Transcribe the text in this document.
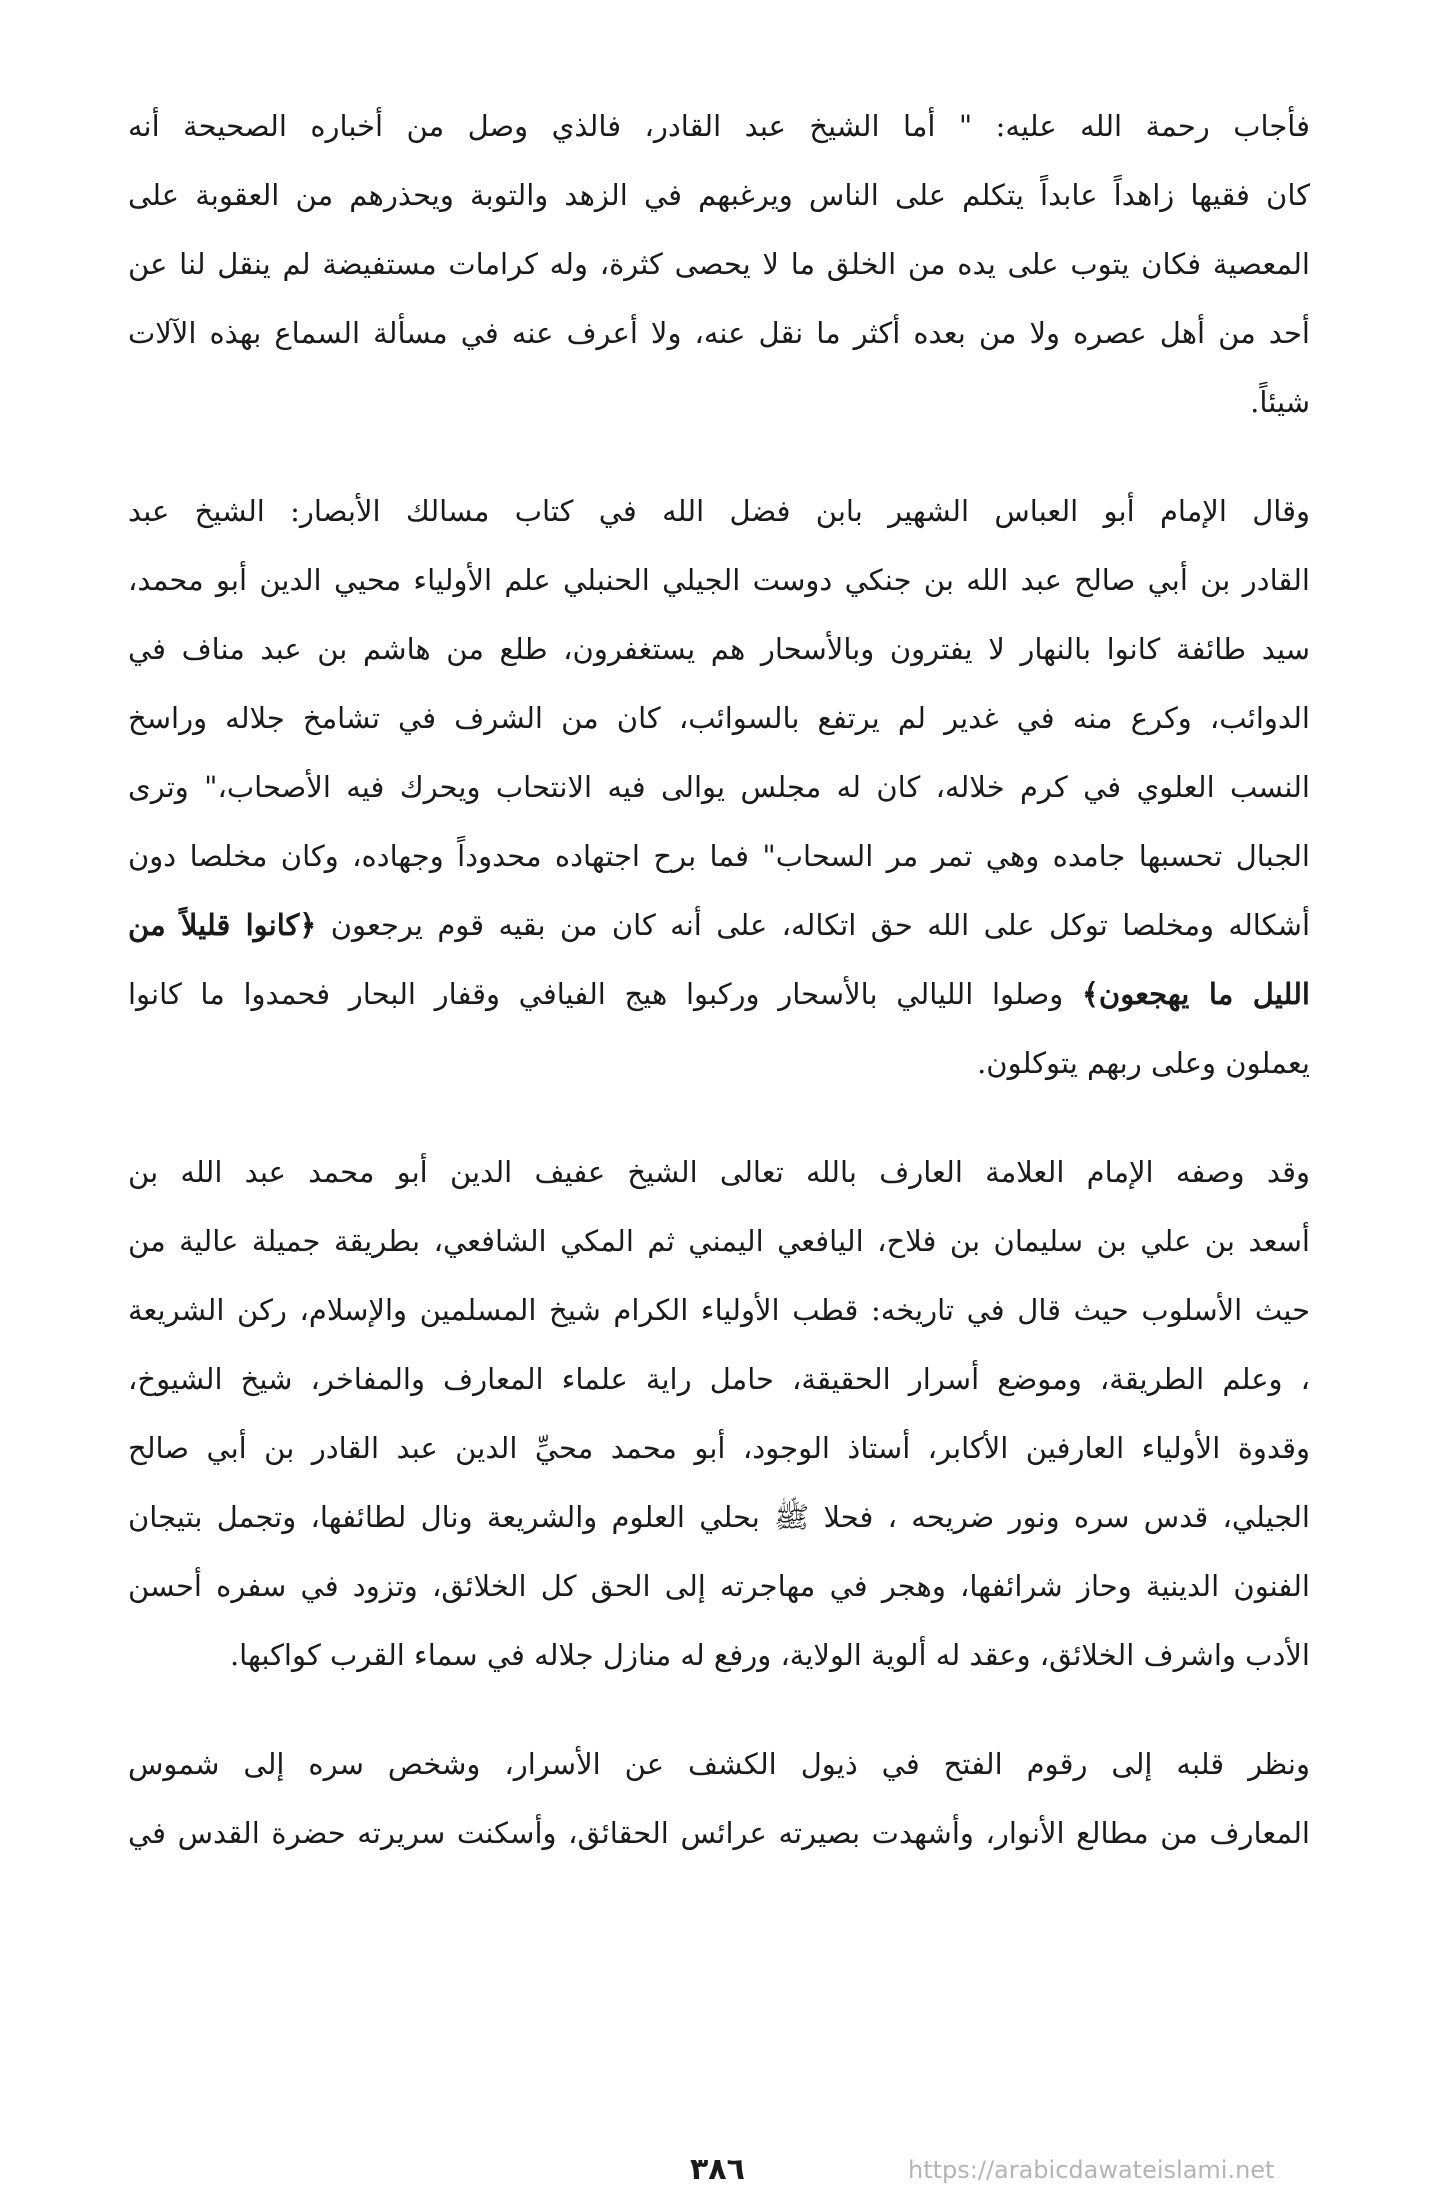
فأجاب رحمة الله عليه: " أما الشيخ عبد القادر، فالذي وصل من أخباره الصحيحة أنه
كان فقيها زاهداً عابداً يتكلم على الناس ويرغبهم في الزهد والتوبة ويحذرهم من العقوبة على
المعصية فكان يتوب على يده من الخلق ما لا يحصى كثرة، وله كرامات مستفيضة لم ينقل لنا عن
أحد من أهل عصره ولا من بعده أكثر ما نقل عنه، ولا أعرف عنه في مسألة السماع بهذه الآلات
شيئاً.

وقال الإمام أبو العباس الشهير بابن فضل الله في كتاب مسالك الأبصار: الشيخ عبد
القادر بن أبي صالح عبد الله بن جنكي دوست الجيلي الحنبلي علم الأولياء محيي الدين أبو محمد،
سيد طائفة كانوا بالنهار لا يفترون وبالأسحار هم يستغفرون، طلع من هاشم بن عبد مناف في
الدوائب، وكرع منه في غدير لم يرتفع بالسوائب، كان من الشرف في تشامخ جلاله وراسخ
النسب العلوي في كرم خلاله، كان له مجلس يوالى فيه الانتحاب ويحرك فيه الأصحاب،" وترى
الجبال تحسبها جامده وهي تمر مر السحاب" فما برح اجتهاده محدوداً وجهاده، وكان مخلصا دون
أشكاله ومخلصا توكل على الله حق اتكاله، على أنه كان من بقيه قوم يرجعون ﴿كانوا قليلاً من
الليل ما يهجعون﴾ وصلوا الليالي بالأسحار وركبوا هيج الفيافي وقفار البحار فحمدوا ما كانوا
يعملون وعلى ربهم يتوكلون.

وقد وصفه الإمام العلامة العارف بالله تعالى الشيخ عفيف الدين أبو محمد عبد الله بن
أسعد بن علي بن سليمان بن فلاح، اليافعي اليمني ثم المكي الشافعي، بطريقة جميلة عالية من
حيث الأسلوب حيث قال في تاريخه: قطب الأولياء الكرام شيخ المسلمين والإسلام، ركن الشريعة
، وعلم الطريقة، وموضع أسرار الحقيقة، حامل راية علماء المعارف والمفاخر، شيخ الشيوخ،
وقدوة الأولياء العارفين الأكابر، أستاذ الوجود، أبو محمد محيِّ الدين عبد القادر بن أبي صالح
الجيلي، قدس سره ونور ضريحه ، فحلا ﷺ بحلي العلوم والشريعة ونال لطائفها، وتجمل بتيجان
الفنون الدينية وحاز شرائفها، وهجر في مهاجرته إلى الحق كل الخلائق، وتزود في سفره أحسن
الأدب واشرف الخلائق، وعقد له ألوية الولاية، ورفع له منازل جلاله في سماء القرب كواكبها.

ونظر قلبه إلى رقوم الفتح في ذيول الكشف عن الأسرار، وشخص سره إلى شموس
المعارف من مطالع الأنوار، وأشهدت بصيرته عرائس الحقائق، وأسكنت سريرته حضرة القدس في

٣٨٦	https://arabicdawateislami.net
